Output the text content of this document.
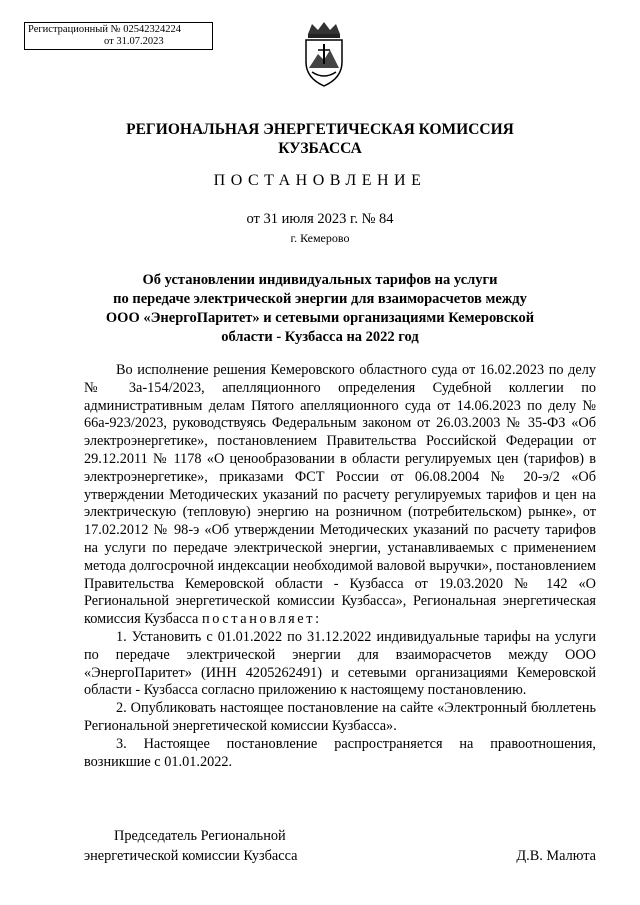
Регистрационный № 02542324224
от 31.07.2023
РЕГИОНАЛЬНАЯ ЭНЕРГЕТИЧЕСКАЯ КОМИССИЯ
КУЗБАССА
ПОСТАНОВЛЕНИЕ
от 31 июля 2023 г. № 84
г. Кемерово
Об установлении индивидуальных тарифов на услуги
по передаче электрической энергии для взаиморасчетов между
ООО «ЭнергоПаритет» и сетевыми организациями Кемеровской
области - Кузбасса на 2022 год

Во исполнение решения Кемеровского областного суда от 16.02.2023 по делу № 3а-154/2023, апелляционного определения Судебной коллегии по административным делам Пятого апелляционного суда от 14.06.2023 по делу № 66а-923/2023, руководствуясь Федеральным законом от 26.03.2003 № 35-ФЗ «Об электроэнергетике», постановлением Правительства Российской Федерации от 29.12.2011 № 1178 «О ценообразовании в области регулируемых цен (тарифов) в электроэнергетике», приказами ФСТ России от 06.08.2004 № 20-э/2 «Об утверждении Методических указаний по расчету регулируемых тарифов и цен на электрическую (тепловую) энергию на розничном (потребительском) рынке», от 17.02.2012 № 98-э «Об утверждении Методических указаний по расчету тарифов на услуги по передаче электрической энергии, устанавливаемых с применением метода долгосрочной индексации необходимой валовой выручки», постановлением Правительства Кемеровской области - Кузбасса от 19.03.2020 № 142 «О Региональной энергетической комиссии Кузбасса», Региональная энергетическая комиссия Кузбасса постановляет:

1. Установить с 01.01.2022 по 31.12.2022 индивидуальные тарифы на услуги по передаче электрической энергии для взаиморасчетов между ООО «ЭнергоПаритет» (ИНН 4205262491) и сетевыми организациями Кемеровской области - Кузбасса согласно приложению к настоящему постановлению.

2. Опубликовать настоящее постановление на сайте «Электронный бюллетень Региональной энергетической комиссии Кузбасса».

3. Настоящее постановление распространяется на правоотношения, возникшие с 01.01.2022.

Председатель Региональной
энергетической комиссии Кузбасса	Д.В. Малюта
